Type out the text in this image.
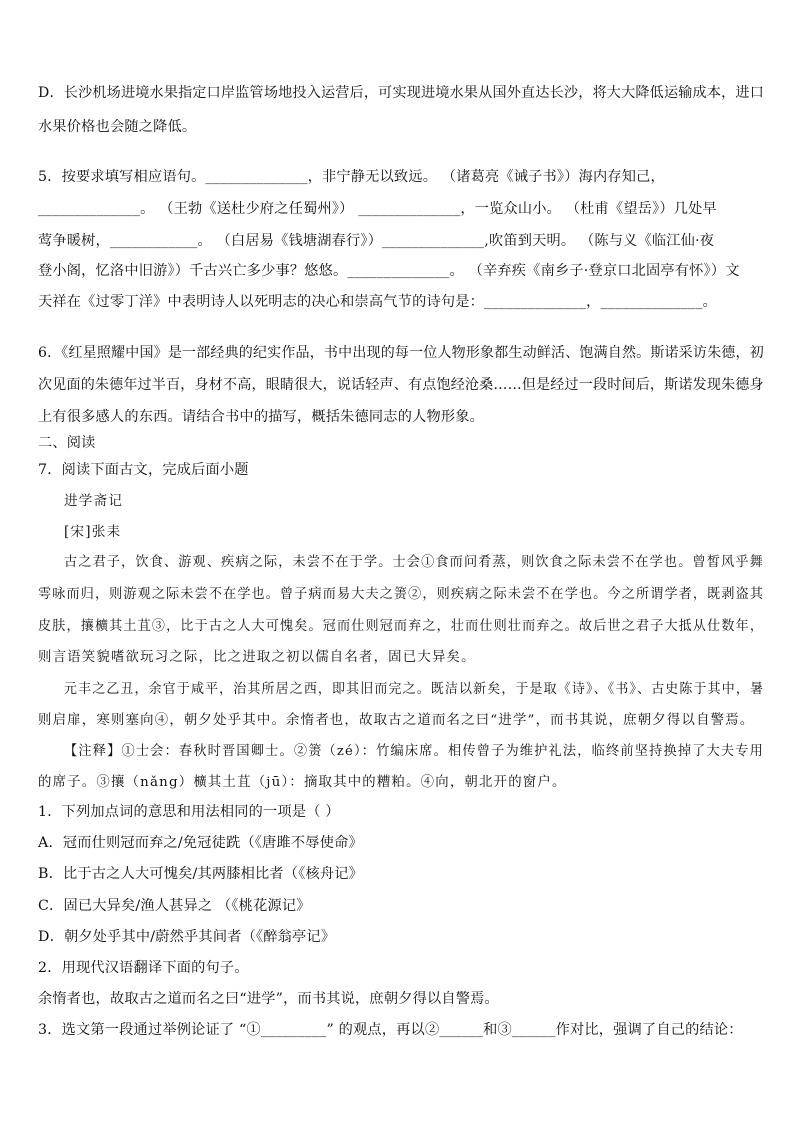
D．长沙机场进境水果指定口岸监管场地投入运营后，可实现进境水果从国外直达长沙，将大大降低运输成本，进口
水果价格也会随之降低。
5．按要求填写相应语句。______________，非宁静无以致远。 （诸葛亮《诫子书》）海内存知己，
______________。 （王勃《送杜少府之任蜀州》） ______________，一览众山小。 （杜甫《望岳》）几处早
莺争暖树，____________。 （白居易《钱塘湖春行》）______________,吹笛到天明。 （陈与义《临江仙·夜
登小阁，忆洛中旧游》）千古兴亡多少事？悠悠。______________。 （辛弃疾《南乡子·登京口北固亭有怀》）文
天祥在《过零丁洋》中表明诗人以死明志的决心和崇高气节的诗句是：______________，______________。
6．《红星照耀中国》是一部经典的纪实作品，书中出现的每一位人物形象都生动鲜活、饱满自然。斯诺采访朱德，初
次见面的朱德年过半百，身材不高，眼睛很大，说话轻声、有点饱经沧桑……但是经过一段时间后，斯诺发现朱德身
上有很多感人的东西。请结合书中的描写，概括朱德同志的人物形象。
二、阅读
7．阅读下面古文，完成后面小题
进学斋记
[宋]张耒
古之君子，饮食、游观、疾病之际，未尝不在于学。士会①食而问肴蒸，则饮食之际未尝不在学也。曾皙风乎舞
雩咏而归，则游观之际未尝不在学也。曾子病而易大夫之箦②，则疾病之际未尝不在学也。今之所谓学者，既剥盗其
皮肤，攘櫎其土苴③，比于古之人大可愧矣。冠而仕则冠而弃之，壮而仕则壮而弃之。故后世之君子大抵从仕数年，
则言语笑貌嗜欲玩习之际，比之进取之初以儒自名者，固已大异矣。
元丰之乙丑，余官于咸平，治其所居之西，即其旧而完之。既洁以新矣，于是取《诗》、《书》、古史陈于其中，暑
则启扉，寒则塞向④，朝夕处乎其中。余惰者也，故取古之道而名之曰“进学”，而书其说，庶朝夕得以自警焉。
【注释】①士会：春秋时晋国卿士。②箦（zé）：竹编床席。相传曾子为维护礼法，临终前坚持换掉了大夫专用
的席子。③攘（nǎng）櫎其土苴（jū）：摘取其中的糟粕。④向，朝北开的窗户。
1．下列加点词的意思和用法相同的一项是（ ）
A．冠而仕则冠而弃之/免冠徒跣（《唐雎不辱使命》
B．比于古之人大可愧矣/其两膝相比者（《核舟记》
C．固已大异矣/渔人甚异之 （《桃花源记》
D．朝夕处乎其中/蔚然乎其间者（《醉翁亭记》
2．用现代汉语翻译下面的句子。
余惰者也，故取古之道而名之曰“进学”，而书其说，庶朝夕得以自警焉。
3．选文第一段通过举例论证了 “①_________” 的观点，再以②______和③______作对比，强调了自己的结论：
